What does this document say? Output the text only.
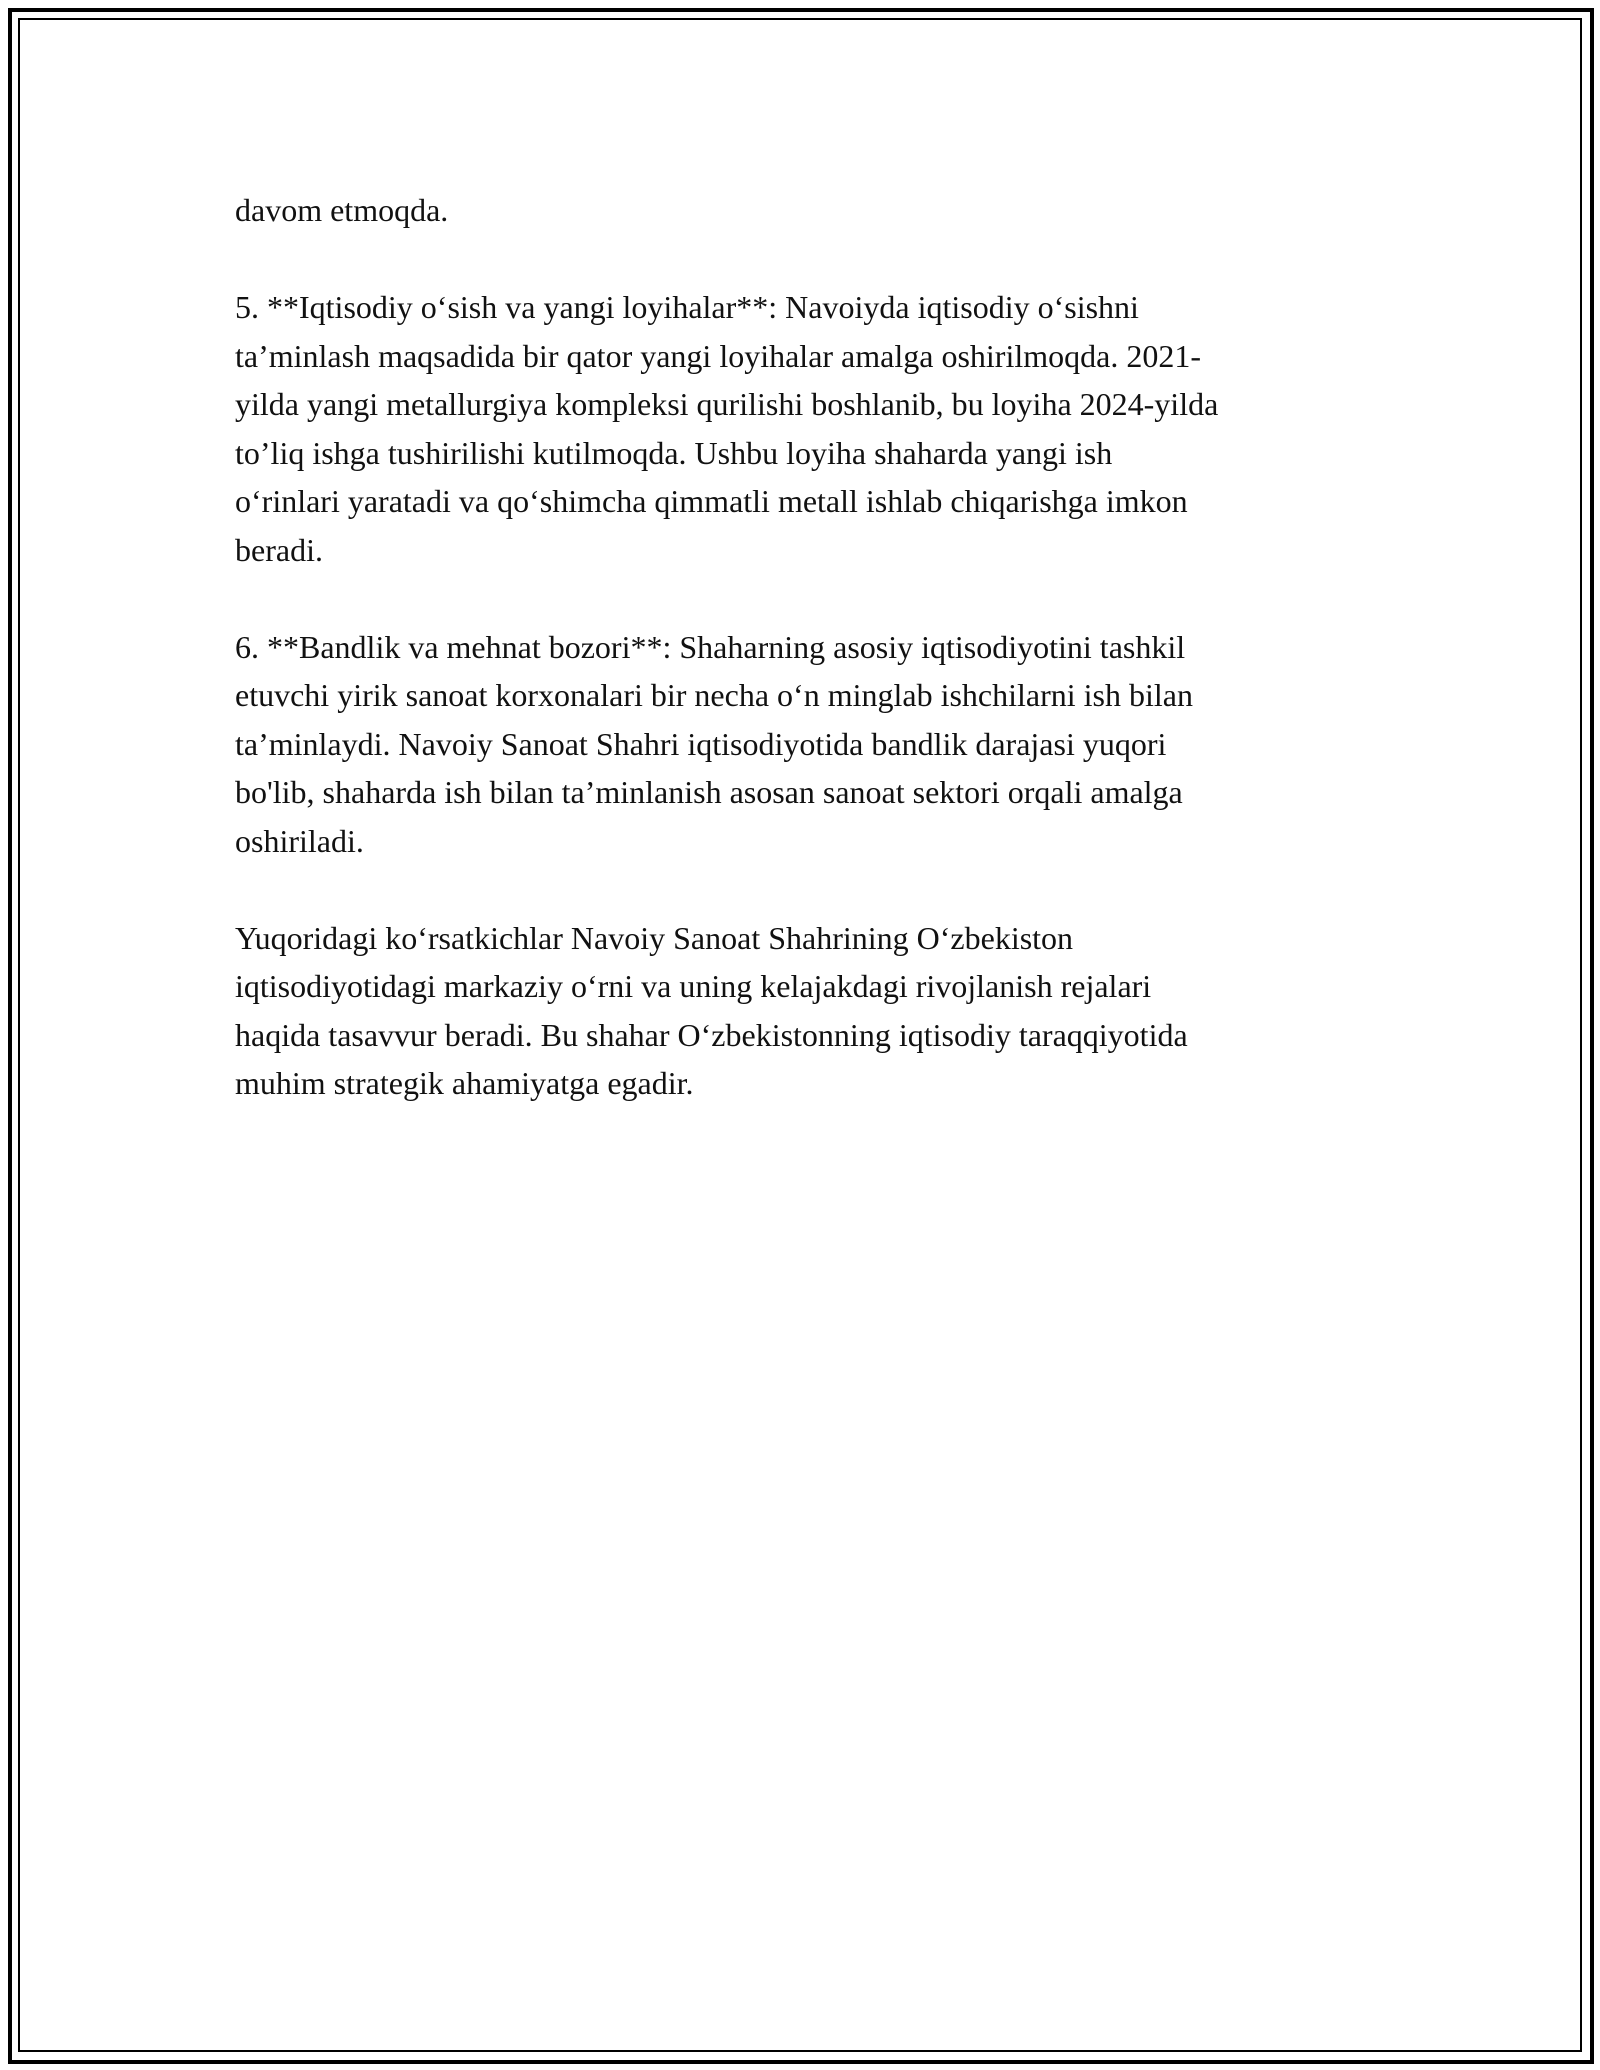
davom etmoqda.

5. **Iqtisodiy o‘sish va yangi loyihalar**: Navoiyda iqtisodiy o‘sishni
ta’minlash maqsadida bir qator yangi loyihalar amalga oshirilmoqda. 2021-
yilda yangi metallurgiya kompleksi qurilishi boshlanib, bu loyiha 2024-yilda
to’liq ishga tushirilishi kutilmoqda. Ushbu loyiha shaharda yangi ish
o‘rinlari yaratadi va qo‘shimcha qimmatli metall ishlab chiqarishga imkon
beradi.

6. **Bandlik va mehnat bozori**: Shaharning asosiy iqtisodiyotini tashkil
etuvchi yirik sanoat korxonalari bir necha o‘n minglab ishchilarni ish bilan
ta’minlaydi. Navoiy Sanoat Shahri iqtisodiyotida bandlik darajasi yuqori
bo'lib, shaharda ish bilan ta’minlanish asosan sanoat sektori orqali amalga
oshiriladi.

Yuqoridagi ko‘rsatkichlar Navoiy Sanoat Shahrining O‘zbekiston
iqtisodiyotidagi markaziy o‘rni va uning kelajakdagi rivojlanish rejalari
haqida tasavvur beradi. Bu shahar O‘zbekistonning iqtisodiy taraqqiyotida
muhim strategik ahamiyatga egadir.
